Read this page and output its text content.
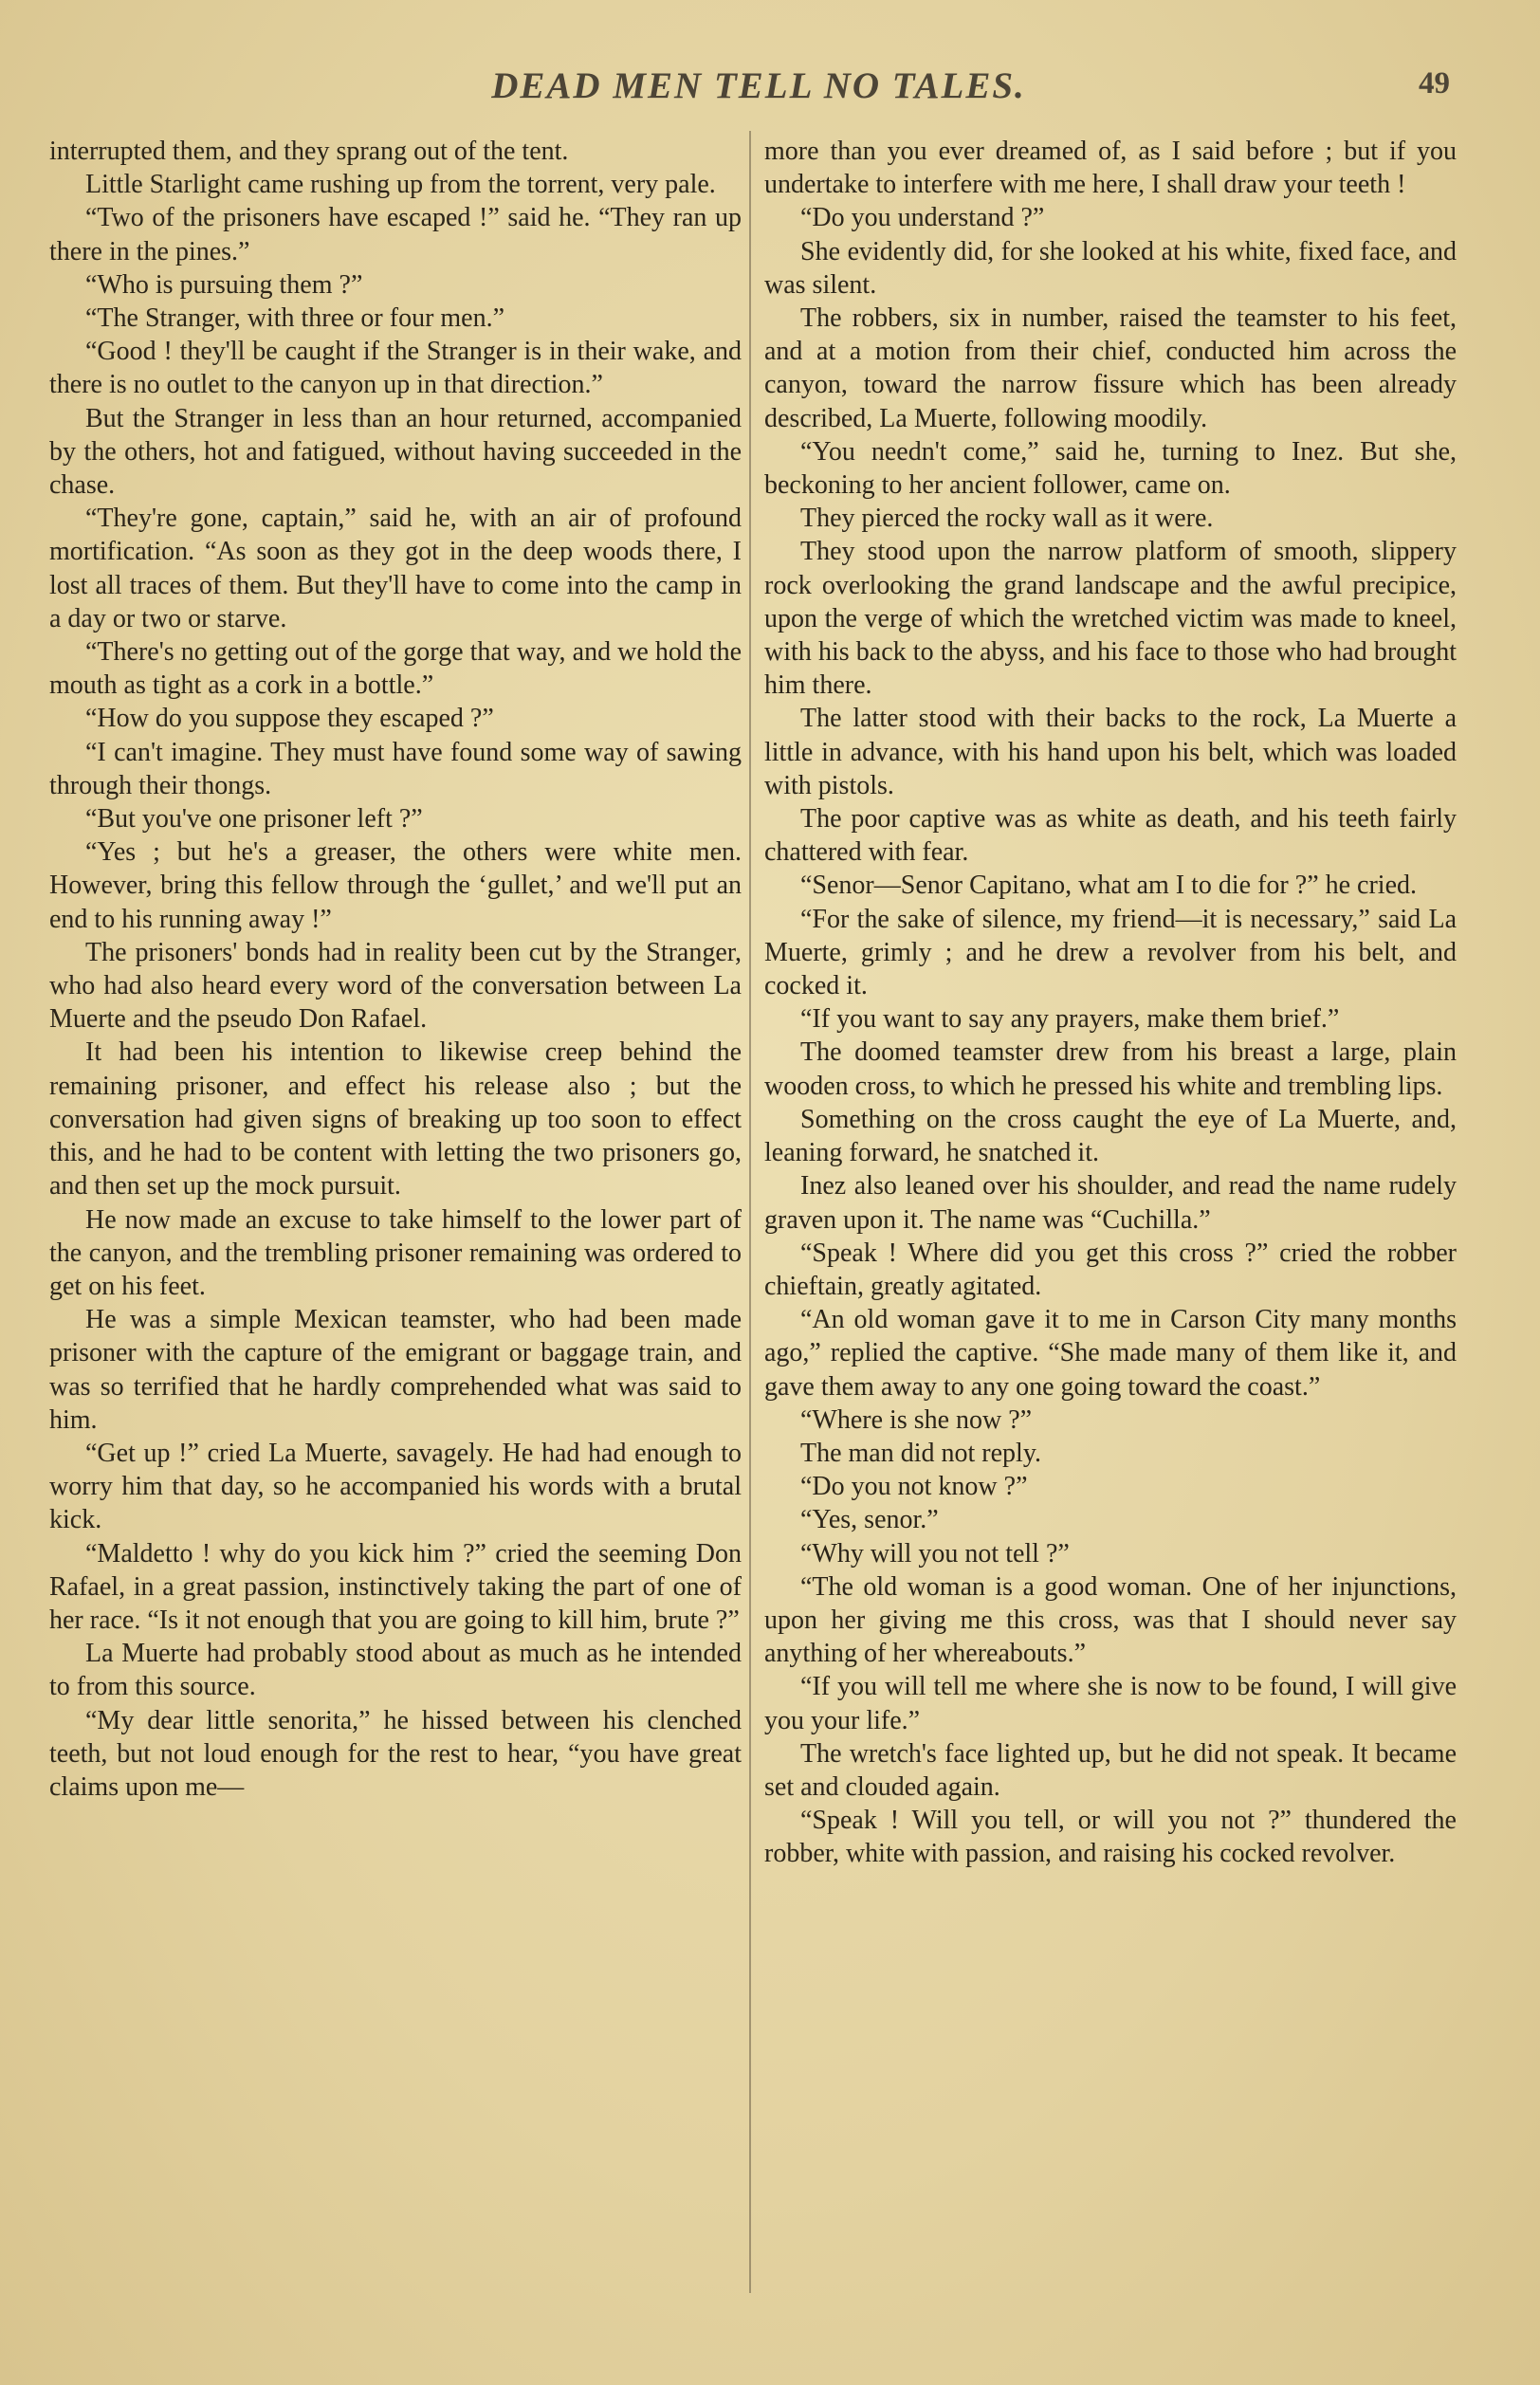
DEAD MEN TELL NO TALES.	49

interrupted them, and they sprang out of the tent.

Little Starlight came rushing up from the torrent, very pale.

“Two of the prisoners have escaped !” said he. “They ran up there in the pines.”

“Who is pursuing them ?”

“The Stranger, with three or four men.”

“Good ! they'll be caught if the Stranger is in their wake, and there is no outlet to the canyon up in that direction.”

But the Stranger in less than an hour returned, accompanied by the others, hot and fatigued, without having succeeded in the chase.

“They're gone, captain,” said he, with an air of profound mortification. “As soon as they got in the deep woods there, I lost all traces of them. But they'll have to come into the camp in a day or two or starve.

“There's no getting out of the gorge that way, and we hold the mouth as tight as a cork in a bottle.”

“How do you suppose they escaped ?”

“I can't imagine. They must have found some way of sawing through their thongs.

“But you've one prisoner left ?”

“Yes ; but he's a greaser, the others were white men. However, bring this fellow through the ‘gullet,’ and we'll put an end to his running away !”

The prisoners' bonds had in reality been cut by the Stranger, who had also heard every word of the conversation between La Muerte and the pseudo Don Rafael.

It had been his intention to likewise creep behind the remaining prisoner, and effect his release also ; but the conversation had given signs of breaking up too soon to effect this, and he had to be content with letting the two prisoners go, and then set up the mock pursuit.

He now made an excuse to take himself to the lower part of the canyon, and the trembling prisoner remaining was ordered to get on his feet.

He was a simple Mexican teamster, who had been made prisoner with the capture of the emigrant or baggage train, and was so terrified that he hardly comprehended what was said to him.

“Get up !” cried La Muerte, savagely. He had had enough to worry him that day, so he accompanied his words with a brutal kick.

“Maldetto ! why do you kick him ?” cried the seeming Don Rafael, in a great passion, instinctively taking the part of one of her race. “Is it not enough that you are going to kill him, brute ?”

La Muerte had probably stood about as much as he intended to from this source.

“My dear little senorita,” he hissed between his clenched teeth, but not loud enough for the rest to hear, “you have great claims upon me—

more than you ever dreamed of, as I said before ; but if you undertake to interfere with me here, I shall draw your teeth !

“Do you understand ?”

She evidently did, for she looked at his white, fixed face, and was silent.

The robbers, six in number, raised the teamster to his feet, and at a motion from their chief, conducted him across the canyon, toward the narrow fissure which has been already described, La Muerte, following moodily.

“You needn't come,” said he, turning to Inez. But she, beckoning to her ancient follower, came on.

They pierced the rocky wall as it were.

They stood upon the narrow platform of smooth, slippery rock overlooking the grand landscape and the awful precipice, upon the verge of which the wretched victim was made to kneel, with his back to the abyss, and his face to those who had brought him there.

The latter stood with their backs to the rock, La Muerte a little in advance, with his hand upon his belt, which was loaded with pistols.

The poor captive was as white as death, and his teeth fairly chattered with fear.

“Senor—Senor Capitano, what am I to die for ?” he cried.

“For the sake of silence, my friend—it is necessary,” said La Muerte, grimly ; and he drew a revolver from his belt, and cocked it.

“If you want to say any prayers, make them brief.”

The doomed teamster drew from his breast a large, plain wooden cross, to which he pressed his white and trembling lips.

Something on the cross caught the eye of La Muerte, and, leaning forward, he snatched it.

Inez also leaned over his shoulder, and read the name rudely graven upon it. The name was “Cuchilla.”

“Speak ! Where did you get this cross ?” cried the robber chieftain, greatly agitated.

“An old woman gave it to me in Carson City many months ago,” replied the captive. “She made many of them like it, and gave them away to any one going toward the coast.”

“Where is she now ?”

The man did not reply.

“Do you not know ?”

“Yes, senor.”

“Why will you not tell ?”

“The old woman is a good woman. One of her injunctions, upon her giving me this cross, was that I should never say anything of her whereabouts.”

“If you will tell me where she is now to be found, I will give you your life.”

The wretch's face lighted up, but he did not speak. It became set and clouded again.

“Speak ! Will you tell, or will you not ?” thundered the robber, white with passion, and raising his cocked revolver.
